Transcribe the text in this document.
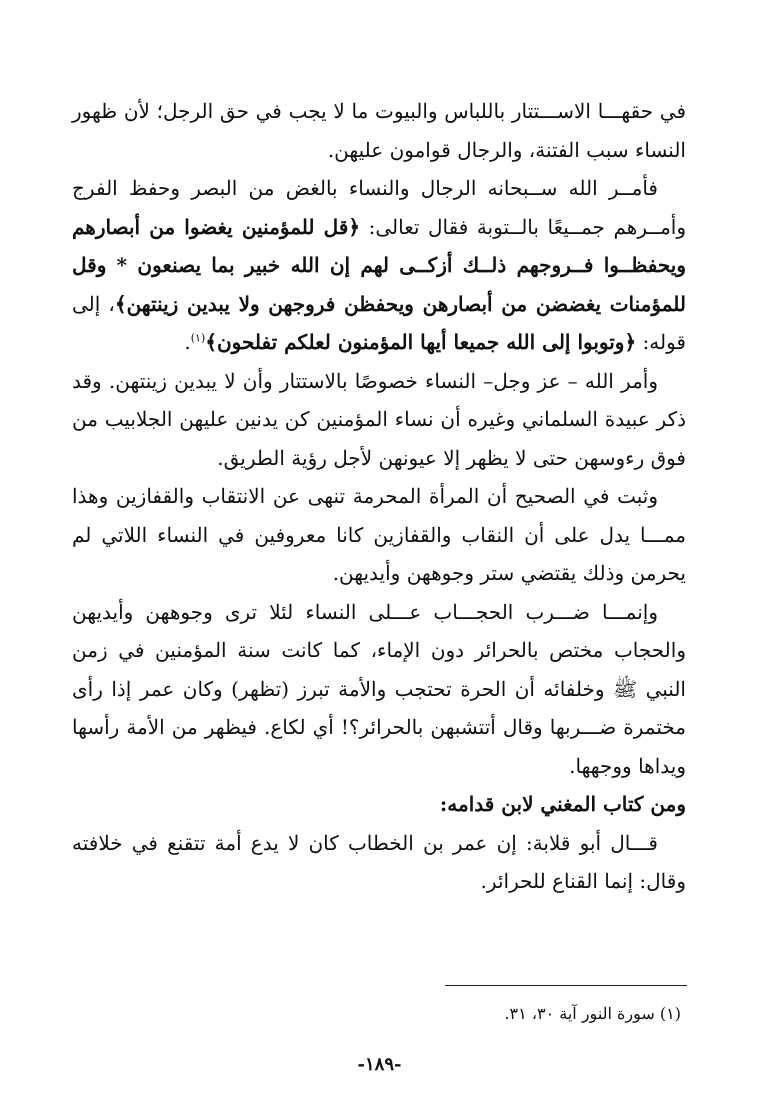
في حقهـــا الاســـتتار باللباس والبيوت ما لا يجب في حق الرجل؛ لأن ظهور النساء سبب الفتنة، والرجال قوامون عليهن.

فأمــر الله ســبحانه الرجال والنساء بالغض من البصر وحفظ الفرج وأمــرهم جمــيعًا بالــتوبة فقال تعالى: ﴿قل للمؤمنين يغضوا من أبصارهم ويحفظــوا فــروجهم ذلــك أزكــى لهم إن الله خبير بما يصنعون * وقل للمؤمنات يغضضن من أبصارهن ويحفظن فروجهن ولا يبدين زينتهن﴾، إلى قوله: ﴿وتوبوا إلى الله جميعا أيها المؤمنون لعلكم تفلحون﴾$^{(١)}$.

وأمر الله – عز وجل– النساء خصوصًا بالاستتار وأن لا يبدين زينتهن. وقد ذكر عبيدة السلماني وغيره أن نساء المؤمنين كن يدنين عليهن الجلابيب من فوق رءوسهن حتى لا يظهر إلا عيونهن لأجل رؤية الطريق.

وثبت في الصحيح أن المرأة المحرمة تنهى عن الانتقاب والقفازين وهذا ممـــا يدل على أن النقاب والقفازين كانا معروفين في النساء اللاتي لم يحرمن وذلك يقتضي ستر وجوههن وأيديهن.

وإنمـــا ضـــرب الحجـــاب عـــلى النساء لئلا ترى وجوههن وأيديهن والحجاب مختص بالحرائر دون الإماء، كما كانت سنة المؤمنين في زمن النبي ﷺ وخلفائه أن الحرة تحتجب والأمة تبرز (تظهر) وكان عمر إذا رأى مختمرة ضـــربها وقال أتتشبهن بالحرائر؟! أي لكاع. فيظهر من الأمة رأسها ويداها ووجهها.

ومن كتاب المغني لابن قدامه:

قـــال أبو قلابة: إن عمر بن الخطاب كان لا يدع أمة تتقنع في خلافته وقال: إنما القناع للحرائر.

(١) سورة النور آية ٣٠، ٣١.

-١٨٩-
